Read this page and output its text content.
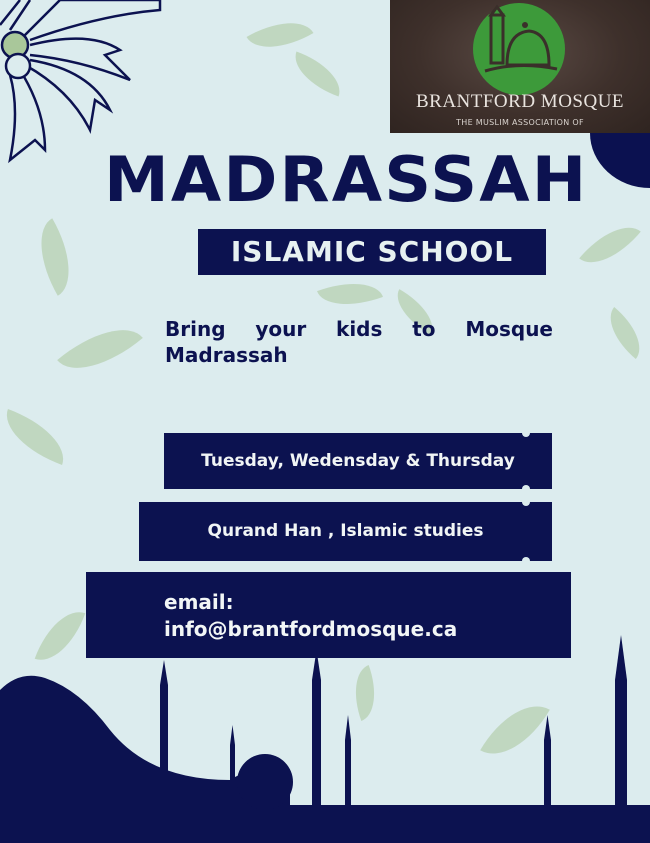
BRANTFORD MOSQUE
THE MUSLIM ASSOCIATION OF
MADRASSAH
ISLAMIC SCHOOL
Bring your kids to Mosque Madrassah
Tuesday, Wedensday & Thursday
Qurand Han , Islamic studies
email:
info@brantfordmosque.ca
